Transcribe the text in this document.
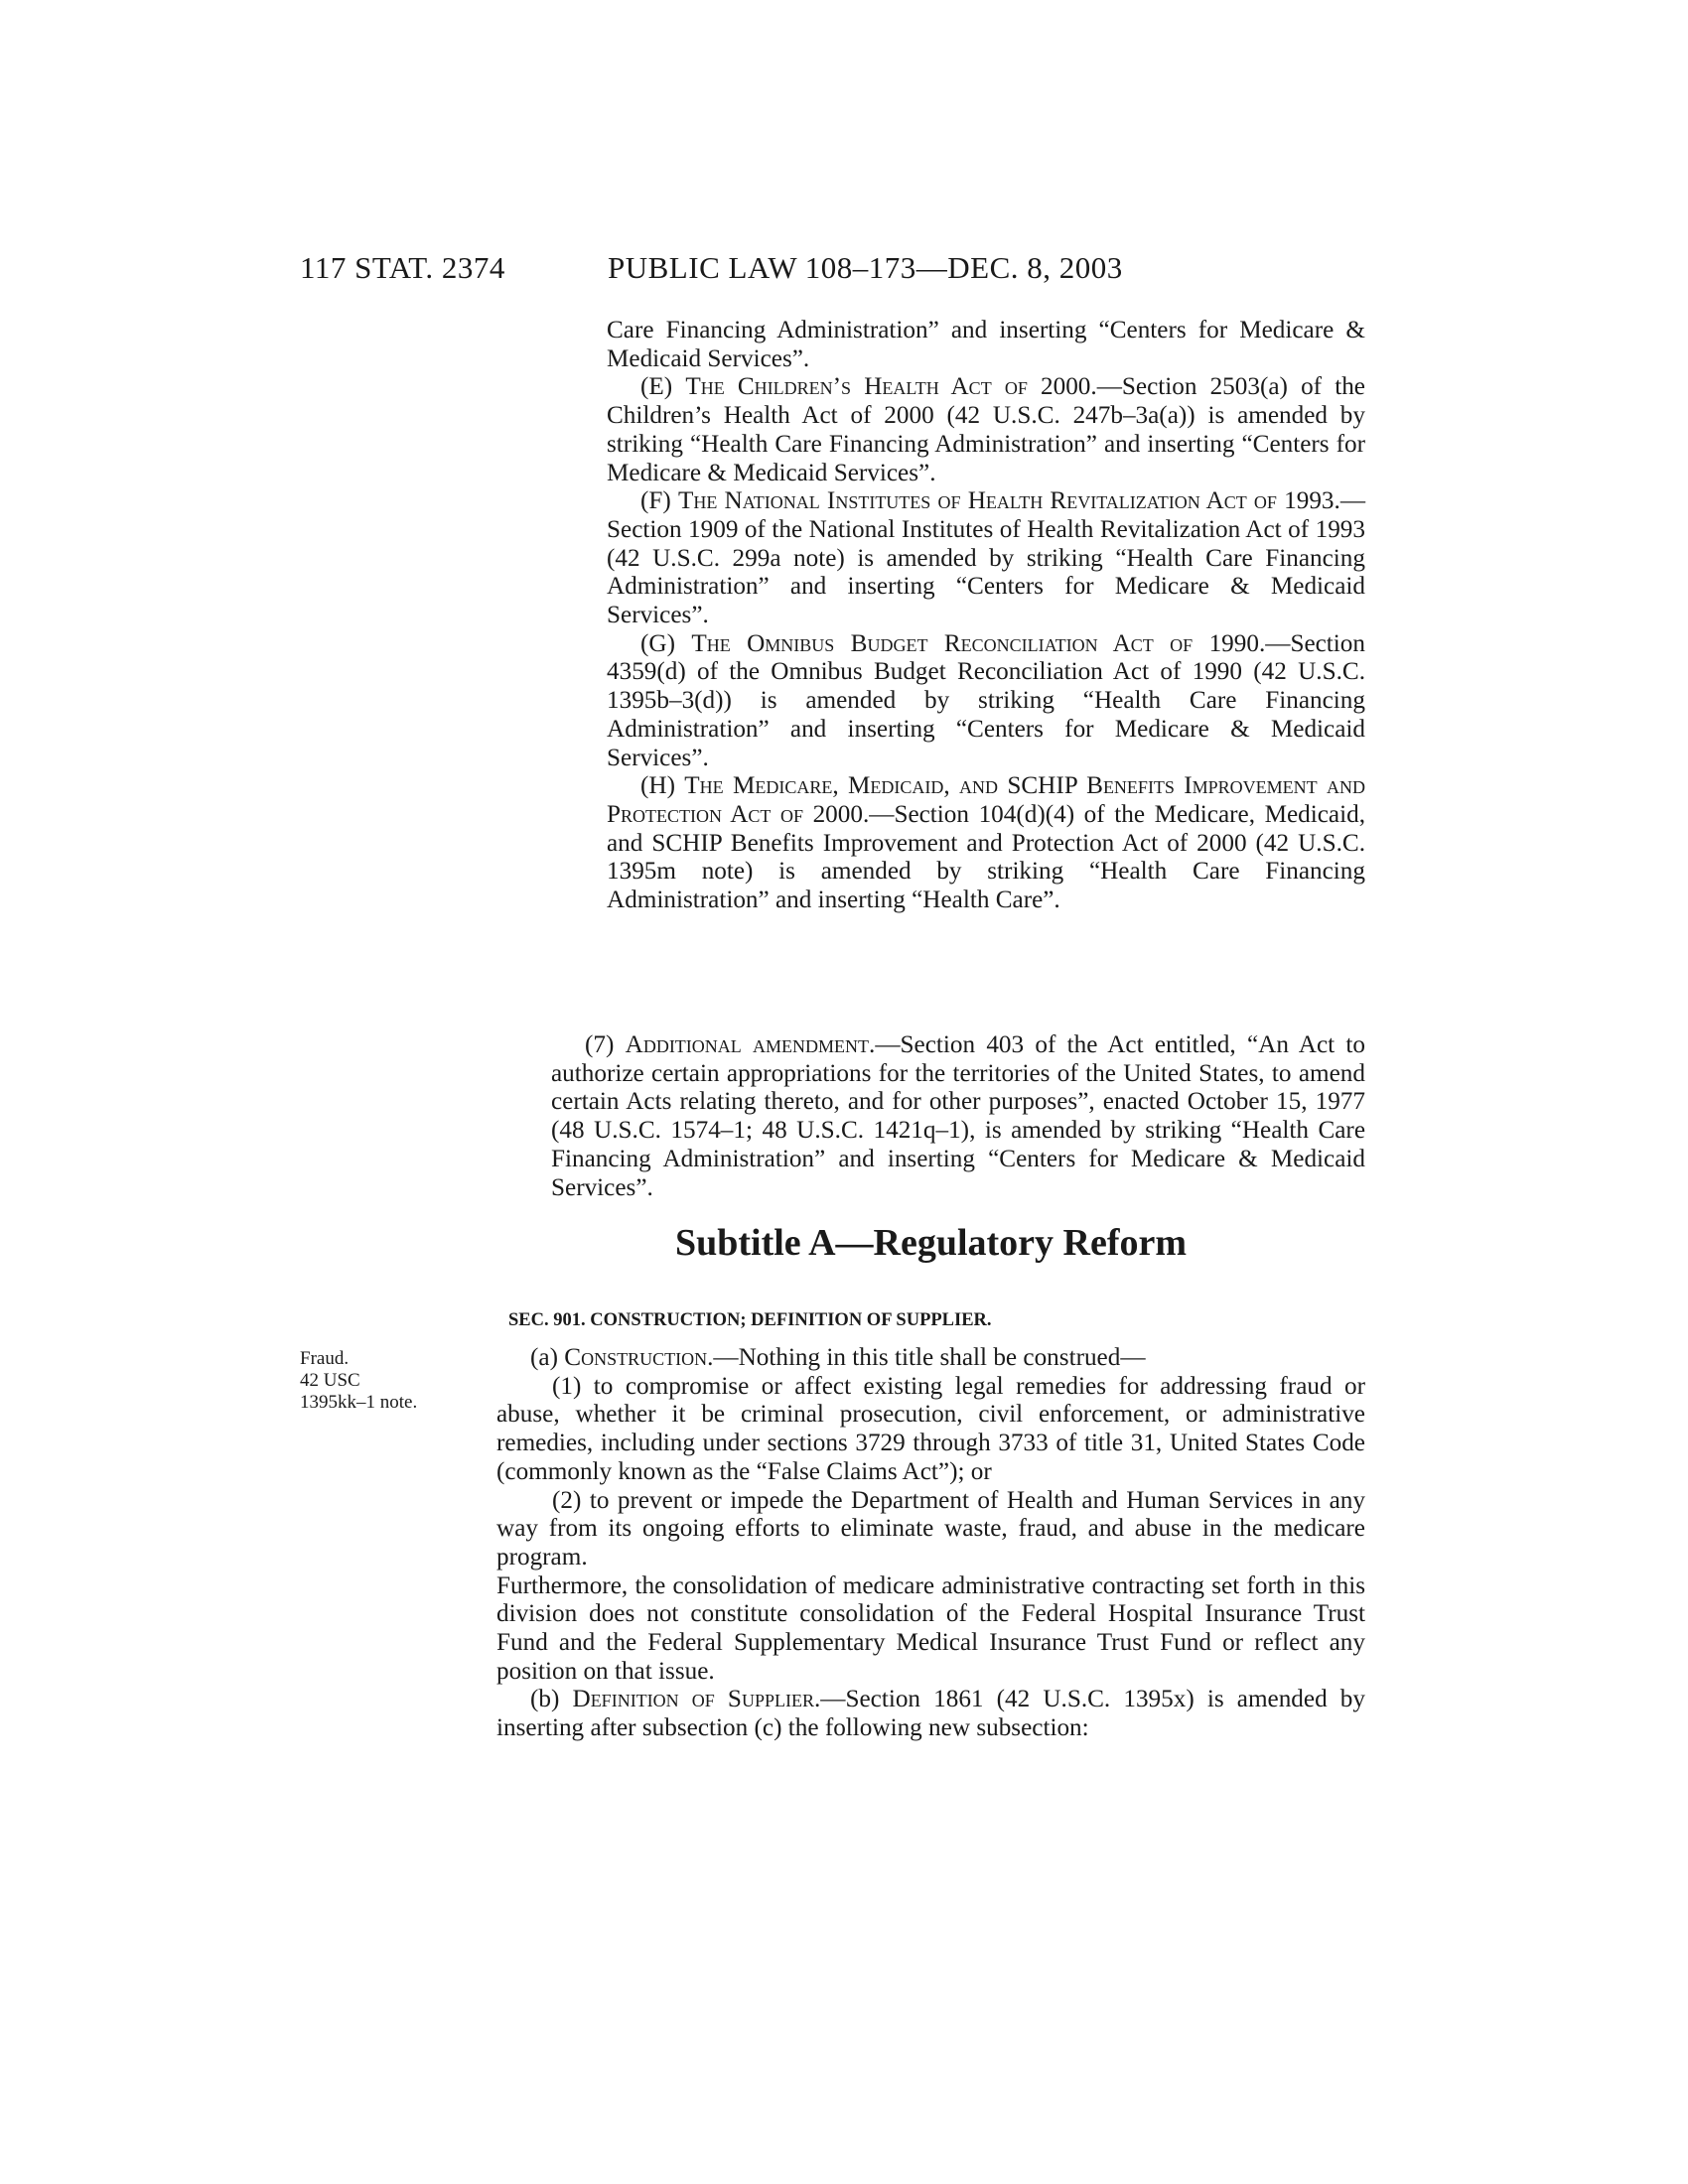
117 STAT. 2374	PUBLIC LAW 108–173—DEC. 8, 2003

Care Financing Administration” and inserting “Centers for Medicare & Medicaid Services”.

(E) The Children’s Health Act of 2000.—Section 2503(a) of the Children’s Health Act of 2000 (42 U.S.C. 247b–3a(a)) is amended by striking “Health Care Financing Administration” and inserting “Centers for Medicare & Medicaid Services”.

(F) The National Institutes of Health Revitalization Act of 1993.—Section 1909 of the National Institutes of Health Revitalization Act of 1993 (42 U.S.C. 299a note) is amended by striking “Health Care Financing Administration” and inserting “Centers for Medicare & Medicaid Services”.

(G) The Omnibus Budget Reconciliation Act of 1990.—Section 4359(d) of the Omnibus Budget Reconciliation Act of 1990 (42 U.S.C. 1395b–3(d)) is amended by striking “Health Care Financing Administration” and inserting “Centers for Medicare & Medicaid Services”.

(H) The Medicare, Medicaid, and SCHIP Benefits Improvement and Protection Act of 2000.—Section 104(d)(4) of the Medicare, Medicaid, and SCHIP Benefits Improvement and Protection Act of 2000 (42 U.S.C. 1395m note) is amended by striking “Health Care Financing Administration” and inserting “Health Care”.

(7) Additional amendment.—Section 403 of the Act entitled, “An Act to authorize certain appropriations for the territories of the United States, to amend certain Acts relating thereto, and for other purposes”, enacted October 15, 1977 (48 U.S.C. 1574–1; 48 U.S.C. 1421q–1), is amended by striking “Health Care Financing Administration” and inserting “Centers for Medicare & Medicaid Services”.

Subtitle A—Regulatory Reform
SEC. 901. CONSTRUCTION; DEFINITION OF SUPPLIER.
Fraud.
42 USC
1395kk–1 note.

(a) Construction.—Nothing in this title shall be construed—

(1) to compromise or affect existing legal remedies for addressing fraud or abuse, whether it be criminal prosecution, civil enforcement, or administrative remedies, including under sections 3729 through 3733 of title 31, United States Code (commonly known as the “False Claims Act”); or

(2) to prevent or impede the Department of Health and Human Services in any way from its ongoing efforts to eliminate waste, fraud, and abuse in the medicare program.

Furthermore, the consolidation of medicare administrative contracting set forth in this division does not constitute consolidation of the Federal Hospital Insurance Trust Fund and the Federal Supplementary Medical Insurance Trust Fund or reflect any position on that issue.

(b) Definition of Supplier.—Section 1861 (42 U.S.C. 1395x) is amended by inserting after subsection (c) the following new subsection:
